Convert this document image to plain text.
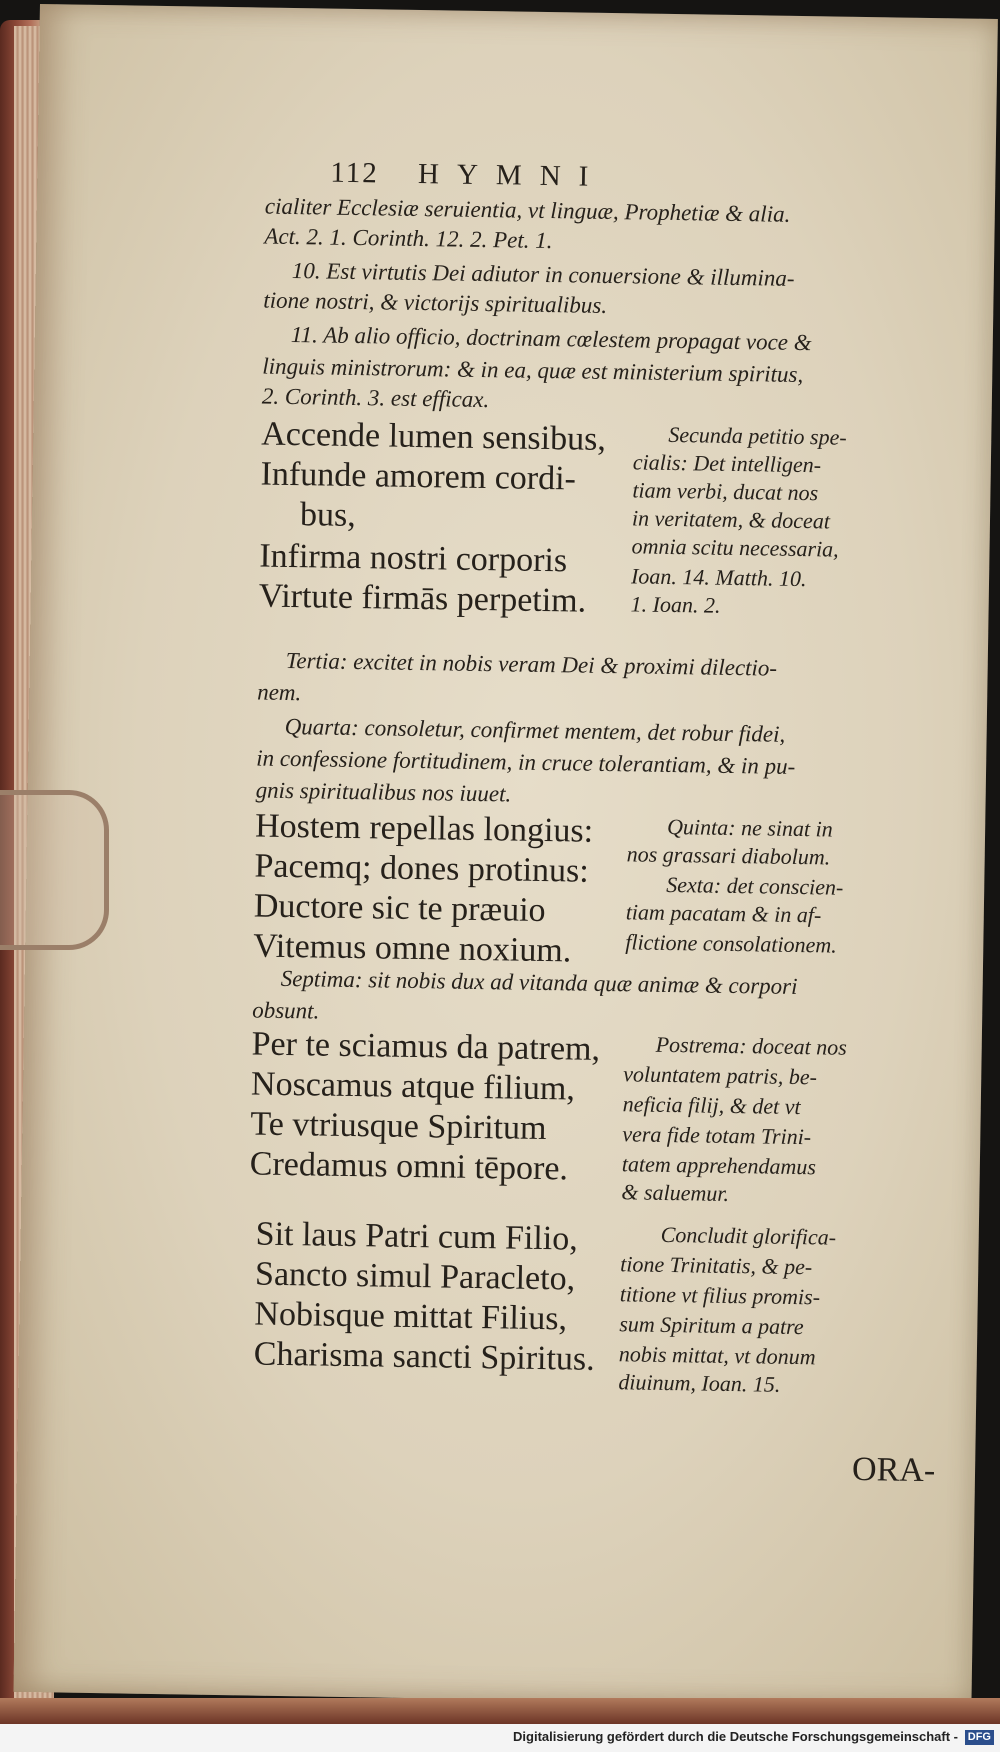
112 HYMNI
cialiter Ecclesiæ seruientia, vt linguæ, Prophetiæ & alia.
Act. 2. 1. Corinth. 12. 2. Pet. 1.
10. Est virtutis Dei adiutor in conuersione & illumina-
tione nostri, & victorijs spiritualibus.
11. Ab alio officio, doctrinam cœlestem propagat voce &
linguis ministrorum: & in ea, quæ est ministerium spiritus,
2. Corinth. 3. est efficax.
Accende lumen sensibus,
Infunde amorem cordi-
bus,
Infirma nostri corporis
Virtute firmās perpetim.
Secunda petitio spe-
cialis: Det intelligen-
tiam verbi, ducat nos
in veritatem, & doceat
omnia scitu necessaria,
Ioan. 14. Matth. 10.
1. Ioan. 2.
Tertia: excitet in nobis veram Dei & proximi dilectio-
nem.
Quarta: consoletur, confirmet mentem, det robur fidei,
in confessione fortitudinem, in cruce tolerantiam, & in pu-
gnis spiritualibus nos iuuet.
Hostem repellas longius:
Pacemq; dones protinus:
Ductore sic te præuio
Vitemus omne noxium.
Quinta: ne sinat in
nos grassari diabolum.
Sexta: det conscien-
tiam pacatam & in af-
flictione consolationem.
Septima: sit nobis dux ad vitanda quæ animæ & corpori
obsunt.
Per te sciamus da patrem,
Noscamus atque filium,
Te vtriusque Spiritum
Credamus omni tēpore.
Postrema: doceat nos
voluntatem patris, be-
neficia filij, & det vt
vera fide totam Trini-
tatem apprehendamus
& saluemur.
Sit laus Patri cum Filio,
Sancto simul Paracleto,
Nobisque mittat Filius,
Charisma sancti Spiritus.
Concludit glorifica-
tione Trinitatis, & pe-
titione vt filius promis-
sum Spiritum a patre
nobis mittat, vt donum
diuinum, Ioan. 15.
ORA-
Digitalisierung gefördert durch die Deutsche Forschungsgemeinschaft - DFG
